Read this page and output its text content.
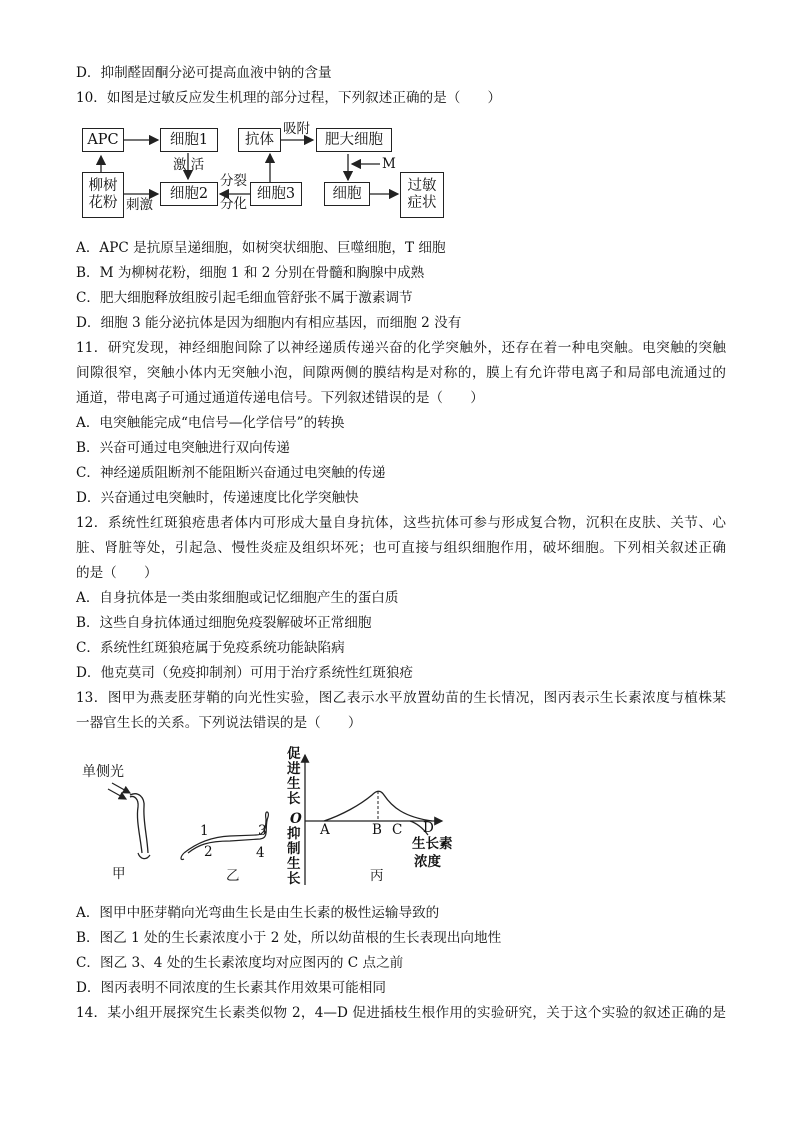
D．抑制醛固酮分泌可提高血液中钠的含量
10．如图是过敏反应发生机理的部分过程，下列叙述正确的是（　　）
APC	细胞1
激 活
柳树
花粉 刺激
细胞2
分裂
分化
细胞3
抗体
吸附
肥大细胞
M
细胞	过敏
症状
A．APC 是抗原呈递细胞，如树突状细胞、巨噬细胞，T 细胞
B．M 为柳树花粉，细胞 1 和 2 分别在骨髓和胸腺中成熟
C．肥大细胞释放组胺引起毛细血管舒张不属于激素调节
D．细胞 3 能分泌抗体是因为细胞内有相应基因，而细胞 2 没有
11．研究发现，神经细胞间除了以神经递质传递兴奋的化学突触外，还存在着一种电突触。电突触的突触
间隙很窄，突触小体内无突触小泡，间隙两侧的膜结构是对称的，膜上有允许带电离子和局部电流通过的
通道，带电离子可通过通道传递电信号。下列叙述错误的是（　　）
A．电突触能完成“电信号—化学信号”的转换
B．兴奋可通过电突触进行双向传递
C．神经递质阻断剂不能阻断兴奋通过电突触的传递
D．兴奋通过电突触时，传递速度比化学突触快
12．系统性红斑狼疮患者体内可形成大量自身抗体，这些抗体可参与形成复合物，沉积在皮肤、关节、心
脏、肾脏等处，引起急、慢性炎症及组织坏死；也可直接与组织细胞作用，破坏细胞。下列相关叙述正确
的是（　　）
A．自身抗体是一类由浆细胞或记忆细胞产生的蛋白质
B．这些自身抗体通过细胞免疫裂解破坏正常细胞
C．系统性红斑狼疮属于免疫系统功能缺陷病
D．他克莫司（免疫抑制剂）可用于治疗系统性红斑狼疮
13．图甲为燕麦胚芽鞘的向光性实验，图乙表示水平放置幼苗的生长情况，图丙表示生长素浓度与植株某
一器官生长的关系。下列说法错误的是（　　）
单侧光
甲
1
2
3
4
乙
促
进
生
长
O
抑
制
生
长
A	B C D
生长素
浓度
丙
A．图甲中胚芽鞘向光弯曲生长是由生长素的极性运输导致的
B．图乙 1 处的生长素浓度小于 2 处，所以幼苗根的生长表现出向地性
C．图乙 3、4 处的生长素浓度均对应图丙的 C 点之前
D．图丙表明不同浓度的生长素其作用效果可能相同
14．某小组开展探究生长素类似物 2，4—D 促进插枝生根作用的实验研究，关于这个实验的叙述正确的是
